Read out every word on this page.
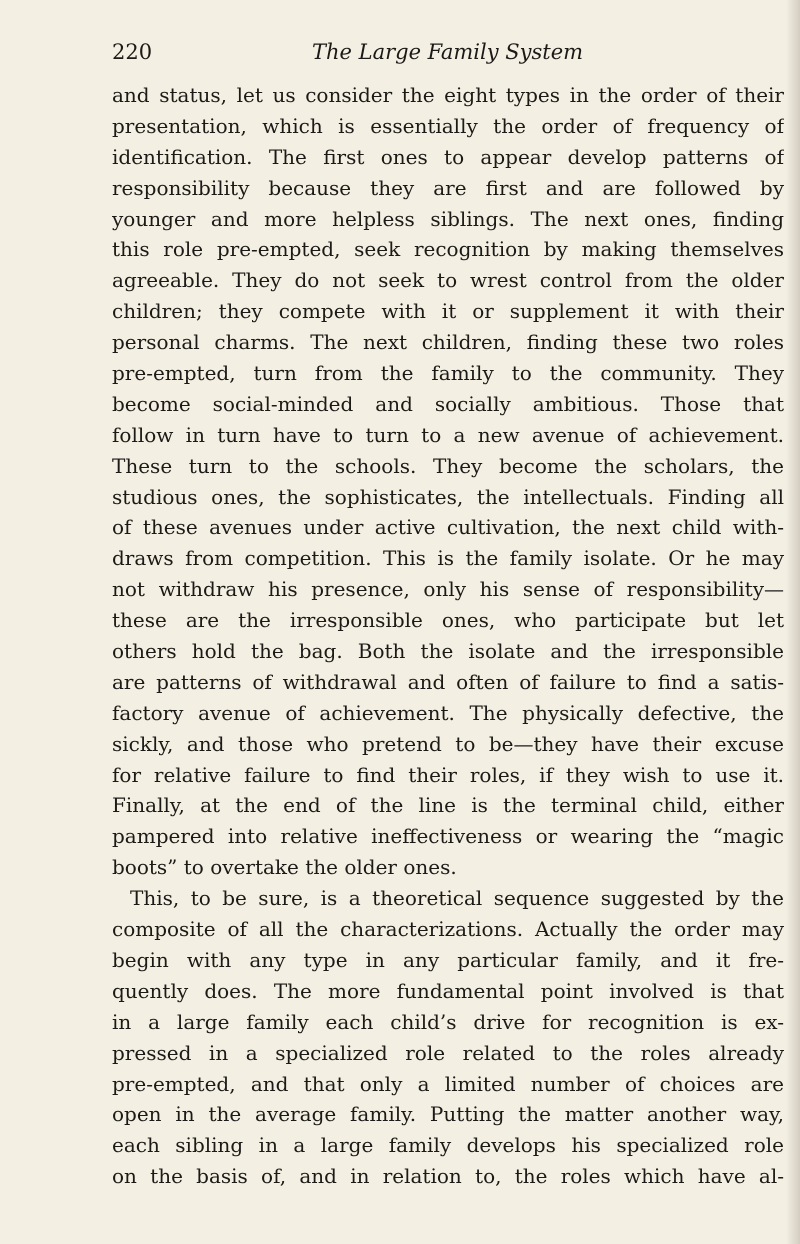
220	The Large Family System
and status, let us consider the eight types in the order of their
presentation, which is essentially the order of frequency of
identification. The first ones to appear develop patterns of
responsibility because they are first and are followed by
younger and more helpless siblings. The next ones, finding
this role pre-empted, seek recognition by making themselves
agreeable. They do not seek to wrest control from the older
children; they compete with it or supplement it with their
personal charms. The next children, finding these two roles
pre-empted, turn from the family to the community. They
become social-minded and socially ambitious. Those that
follow in turn have to turn to a new avenue of achievement.
These turn to the schools. They become the scholars, the
studious ones, the sophisticates, the intellectuals. Finding all
of these avenues under active cultivation, the next child with-
draws from competition. This is the family isolate. Or he may
not withdraw his presence, only his sense of responsibility—
these are the irresponsible ones, who participate but let
others hold the bag. Both the isolate and the irresponsible
are patterns of withdrawal and often of failure to find a satis-
factory avenue of achievement. The physically defective, the
sickly, and those who pretend to be—they have their excuse
for relative failure to find their roles, if they wish to use it.
Finally, at the end of the line is the terminal child, either
pampered into relative ineffectiveness or wearing the “magic
boots” to overtake the older ones.
This, to be sure, is a theoretical sequence suggested by the
composite of all the characterizations. Actually the order may
begin with any type in any particular family, and it fre-
quently does. The more fundamental point involved is that
in a large family each child’s drive for recognition is ex-
pressed in a specialized role related to the roles already
pre-empted, and that only a limited number of choices are
open in the average family. Putting the matter another way,
each sibling in a large family develops his specialized role
on the basis of, and in relation to, the roles which have al-
